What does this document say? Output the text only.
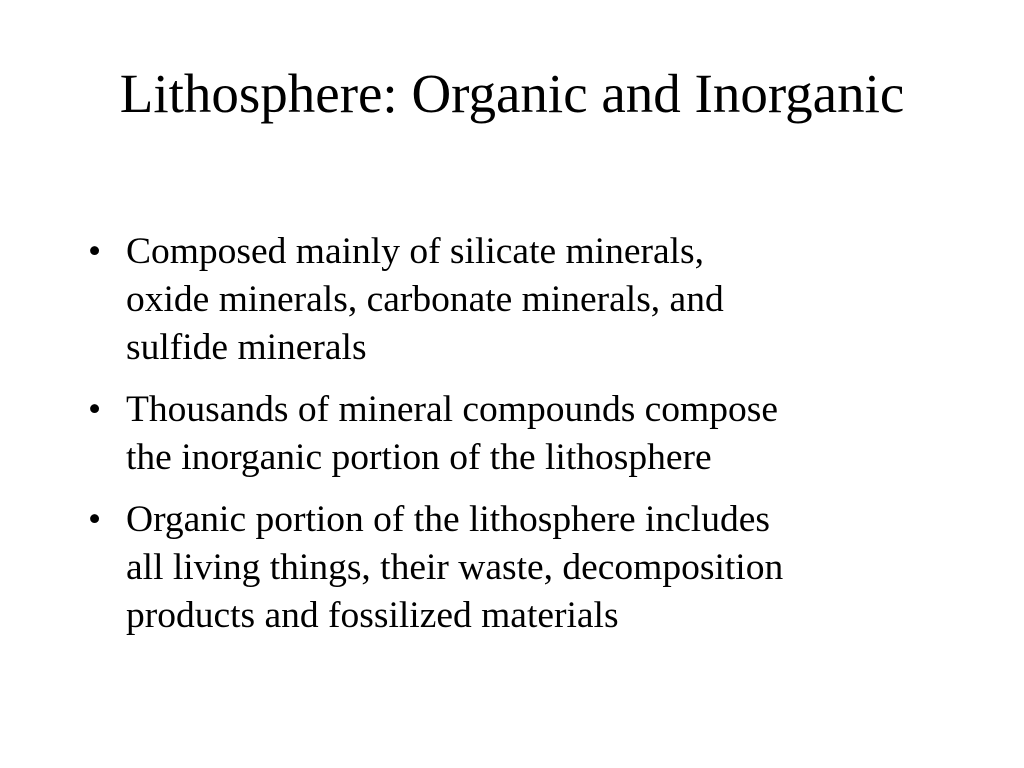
Lithosphere: Organic and Inorganic
• Composed mainly of silicate minerals,
oxide minerals, carbonate minerals, and
sulfide minerals
• Thousands of mineral compounds compose
the inorganic portion of the lithosphere
• Organic portion of the lithosphere includes
all living things, their waste, decomposition
products and fossilized materials
